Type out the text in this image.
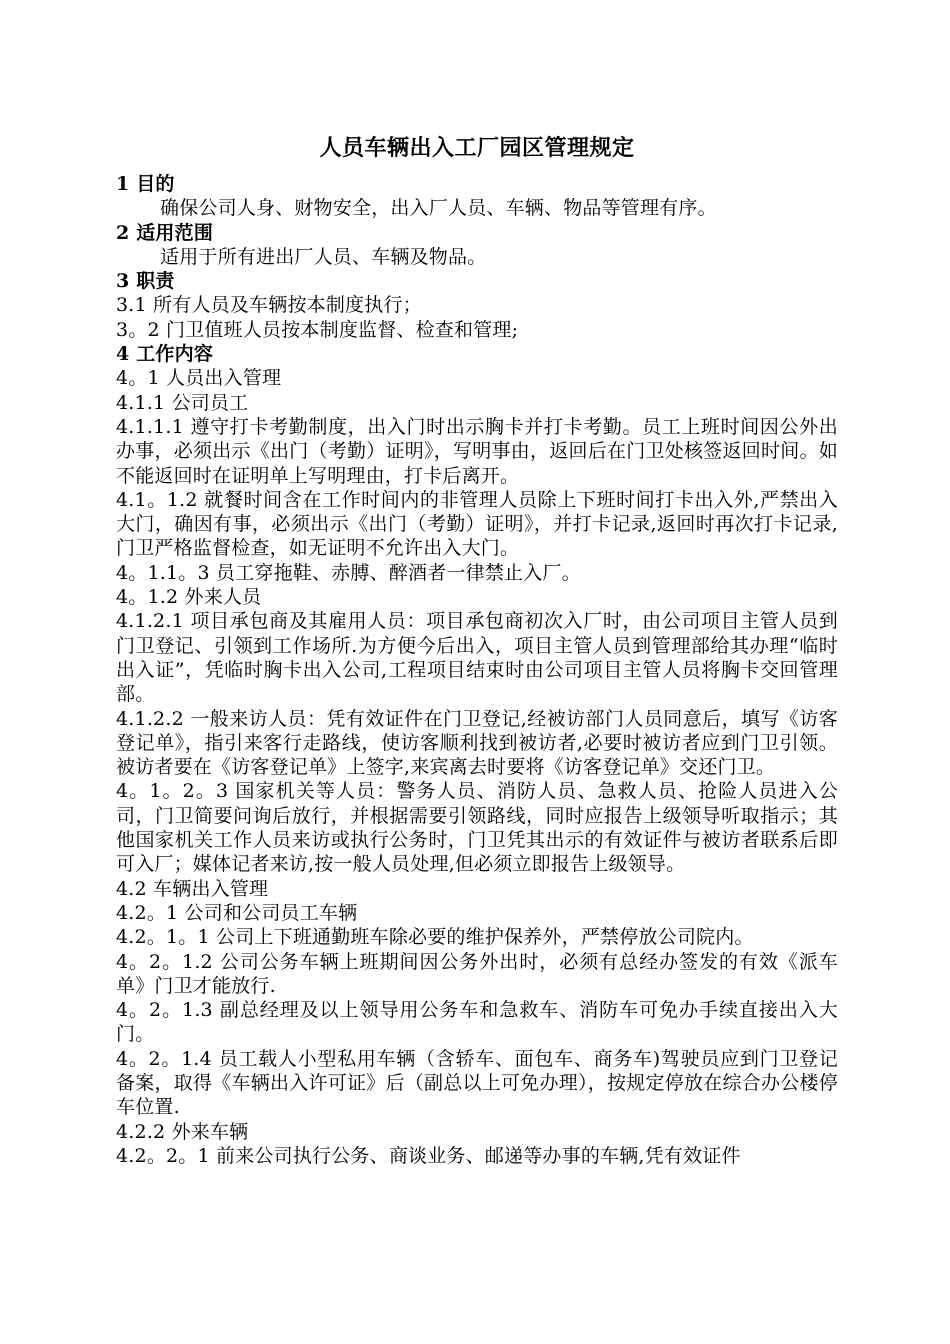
人员车辆出入工厂园区管理规定

1 目的

确保公司人身、财物安全，出入厂人员、车辆、物品等管理有序。

2 适用范围

适用于所有进出厂人员、车辆及物品。

3 职责

3.1 所有人员及车辆按本制度执行；

3。2 门卫值班人员按本制度监督、检查和管理;

4 工作内容

4。1 人员出入管理

4.1.1 公司员工

4.1.1.1 遵守打卡考勤制度，出入门时出示胸卡并打卡考勤。员工上班时间因公外出办事，必须出示《出门（考勤）证明》，写明事由，返回后在门卫处核签返回时间。如不能返回时在证明单上写明理由，打卡后离开。

4.1。1.2 就餐时间含在工作时间内的非管理人员除上下班时间打卡出入外,严禁出入大门，确因有事，必须出示《出门（考勤）证明》，并打卡记录,返回时再次打卡记录,门卫严格监督检查，如无证明不允许出入大门。

4。1.1。3 员工穿拖鞋、赤膊、醉酒者一律禁止入厂。

4。1.2 外来人员

4.1.2.1 项目承包商及其雇用人员：项目承包商初次入厂时，由公司项目主管人员到门卫登记、引领到工作场所.为方便今后出入，项目主管人员到管理部给其办理“临时出入证”，凭临时胸卡出入公司,工程项目结束时由公司项目主管人员将胸卡交回管理部。

4.1.2.2 一般来访人员：凭有效证件在门卫登记,经被访部门人员同意后，填写《访客登记单》，指引来客行走路线，使访客顺利找到被访者,必要时被访者应到门卫引领。被访者要在《访客登记单》上签字,来宾离去时要将《访客登记单》交还门卫。

4。1。2。3 国家机关等人员：警务人员、消防人员、急救人员、抢险人员进入公司，门卫简要问询后放行，并根据需要引领路线，同时应报告上级领导听取指示；其他国家机关工作人员来访或执行公务时，门卫凭其出示的有效证件与被访者联系后即可入厂；媒体记者来访,按一般人员处理,但必须立即报告上级领导。

4.2 车辆出入管理

4.2。1 公司和公司员工车辆

4.2。1。1 公司上下班通勤班车除必要的维护保养外，严禁停放公司院内。

4。2。1.2 公司公务车辆上班期间因公务外出时，必须有总经办签发的有效《派车单》门卫才能放行.

4。2。1.3 副总经理及以上领导用公务车和急救车、消防车可免办手续直接出入大门。

4。2。1.4 员工载人小型私用车辆（含轿车、面包车、商务车)驾驶员应到门卫登记备案，取得《车辆出入许可证》后（副总以上可免办理），按规定停放在综合办公楼停车位置.

4.2.2 外来车辆

4.2。2。1 前来公司执行公务、商谈业务、邮递等办事的车辆,凭有效证件
